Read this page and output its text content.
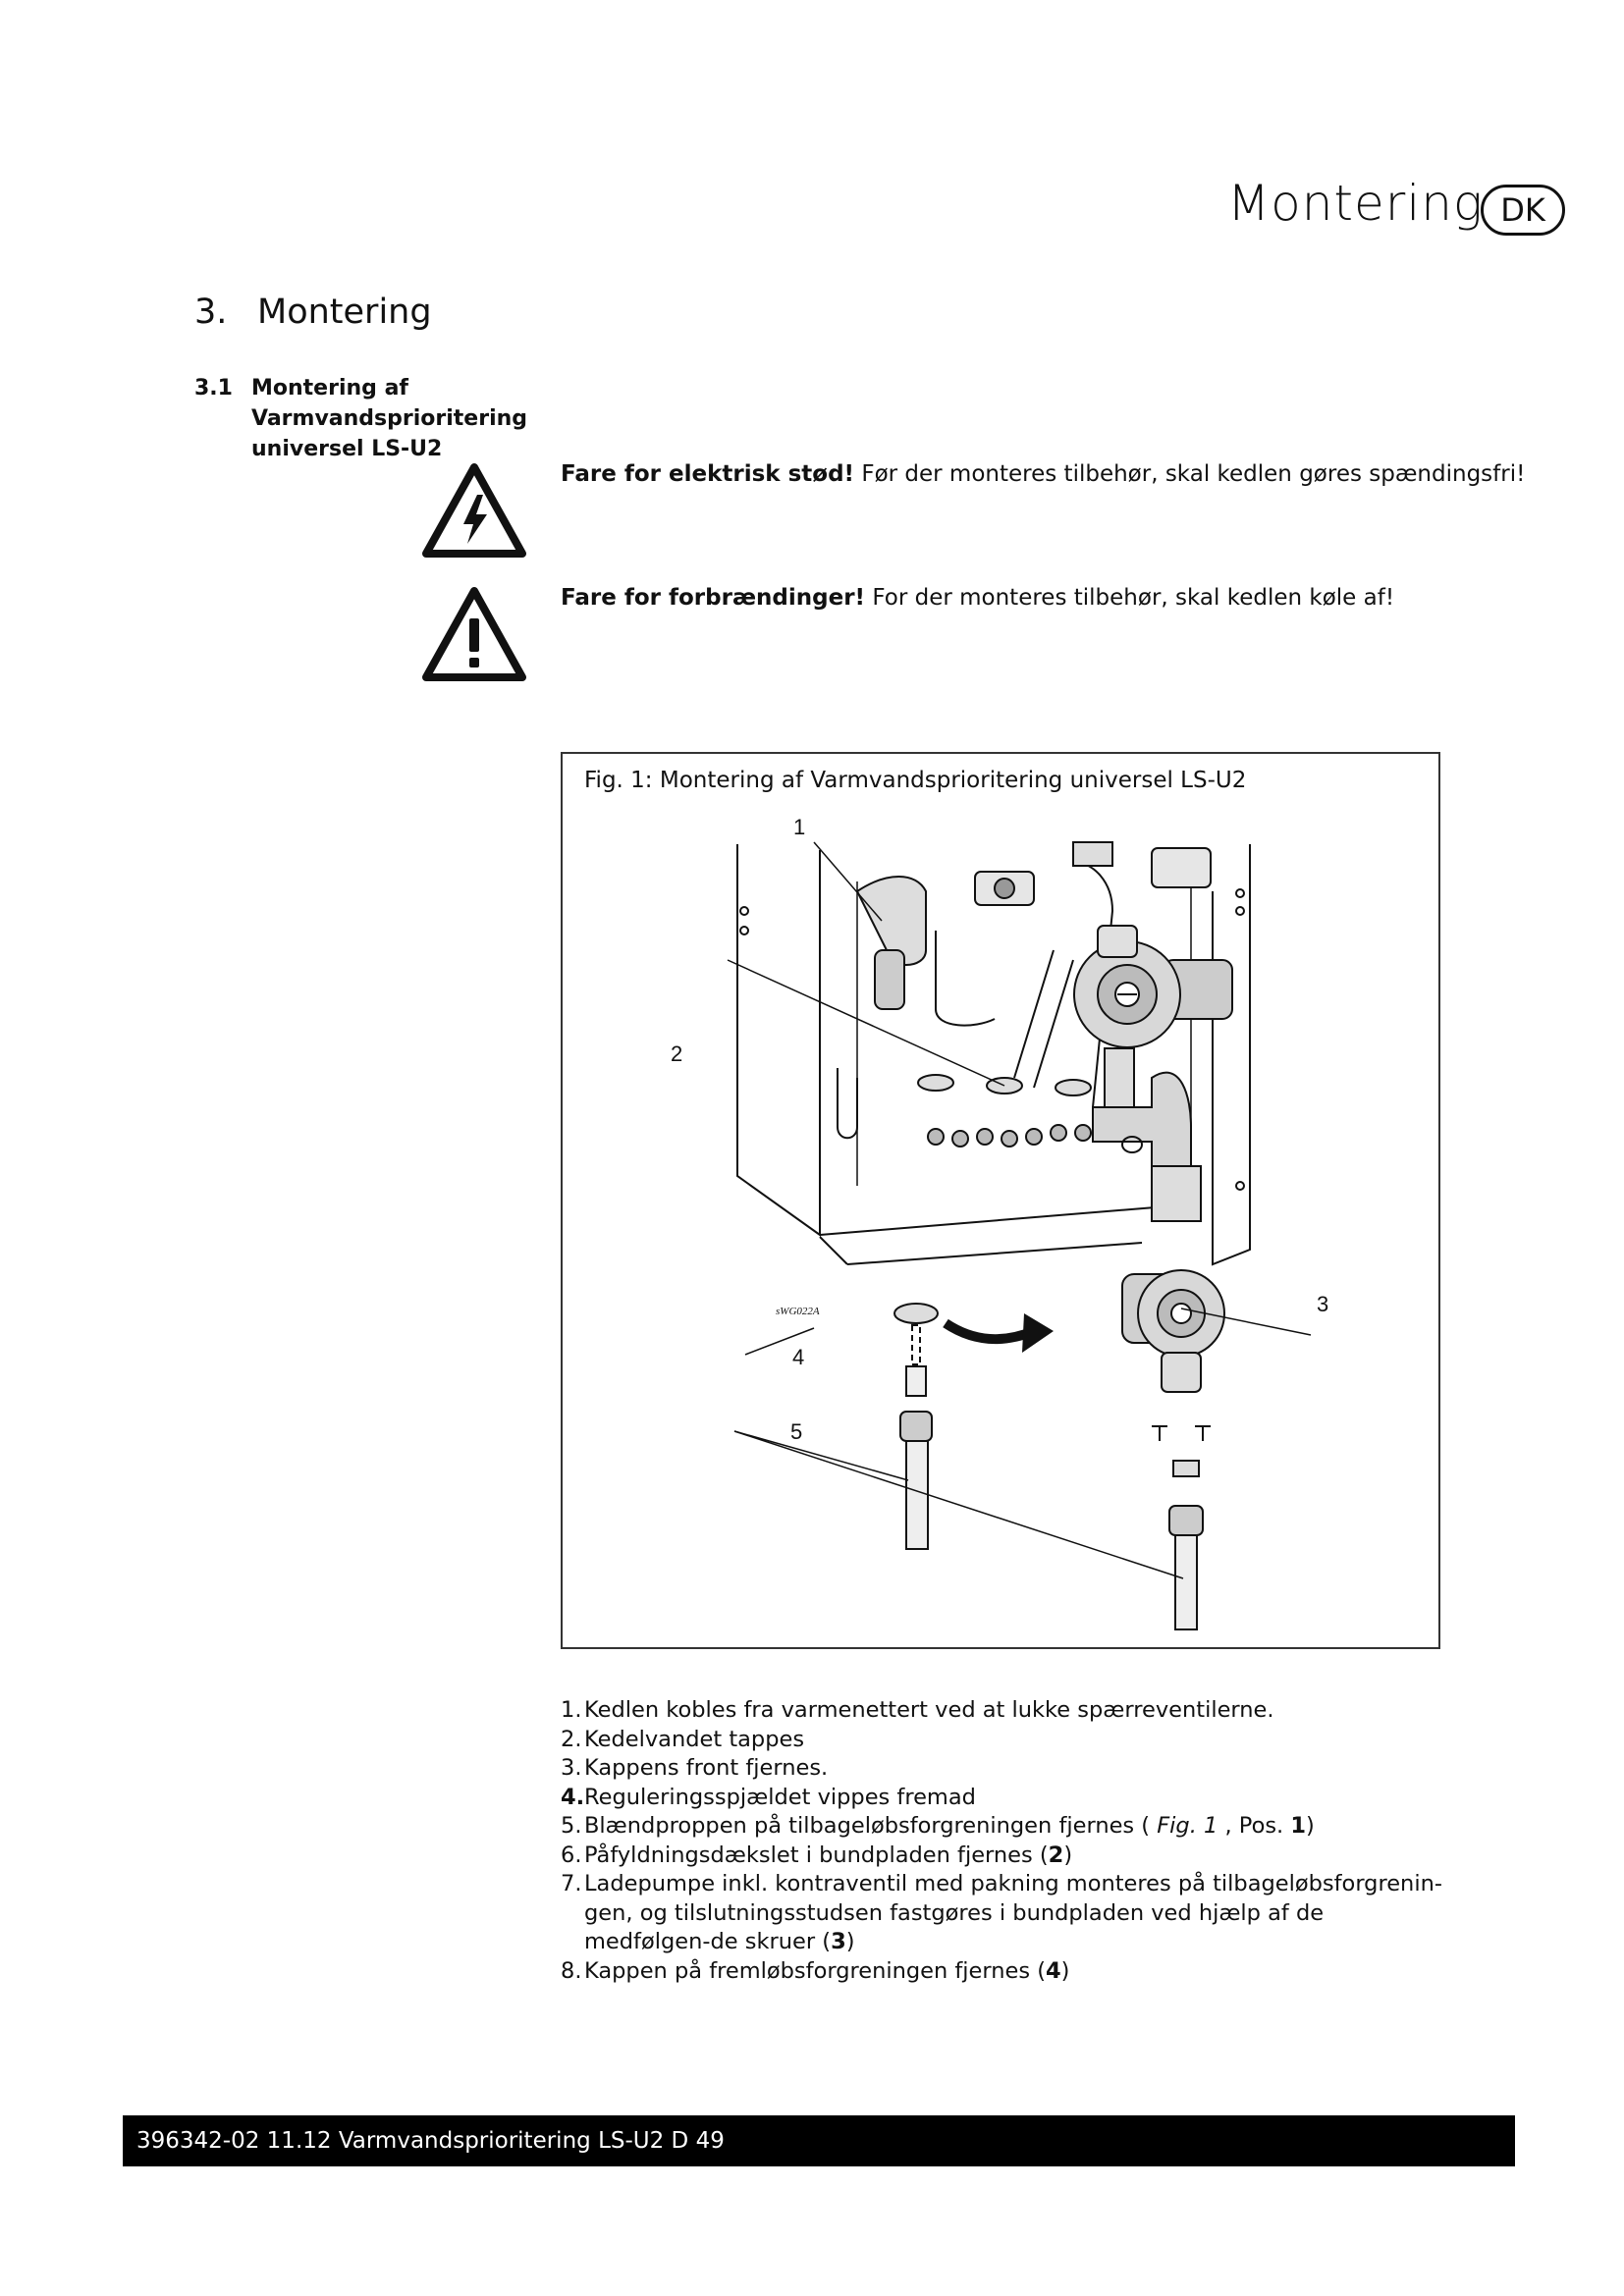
Montering DK
3. Montering
3.1 Montering af Varmvandsprioritering universel LS-U2
Fare for elektrisk stød! Før der monteres tilbehør, skal kedlen gøres spændingsfri!
Fare for forbrændinger! For der monteres tilbehør, skal kedlen køle af!
1
2
3
4
5
sWG022A
Fig. 1: Montering af Varmvandsprioritering universel LS-U2
1. Kedlen kobles fra varmenettert ved at lukke spærreventilerne.
2. Kedelvandet tappes
3. Kappens front fjernes.
4.Reguleringsspjældet vippes fremad
5. Blændproppen på tilbageløbsforgreningen fjernes ( Fig. 1 , Pos. 1)
6. Påfyldningsdækslet i bundpladen fjernes (2)
7. Ladepumpe inkl. kontraventil med pakning monteres på tilbageløbsforgrenin-gen, og tilslutningsstudsen fastgøres i bundpladen ved hjælp af de medfølgen-de skruer (3)
8. Kappen på fremløbsforgreningen fjernes (4)
396342-02 11.12 Varmvandsprioritering LS-U2 D 49
